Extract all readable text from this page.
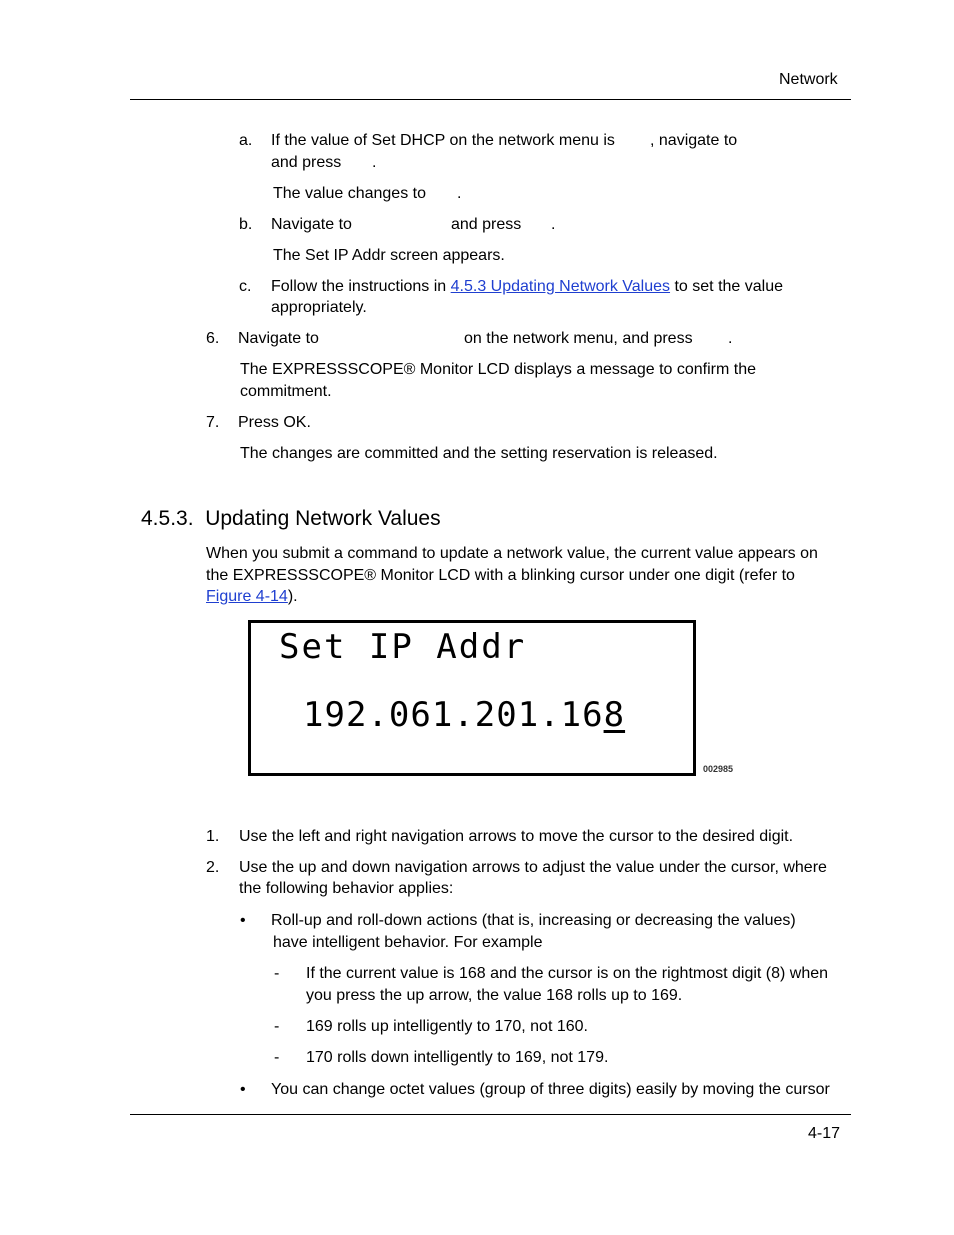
Network
a. If the value of Set DHCP on the network menu is , navigate to
and press .
The value changes to .
b. Navigate to	and press .
The Set IP Addr screen appears.
c. Follow the instructions in 4.5.3 Updating Network Values to set the value
appropriately.
6. Navigate to	on the network menu, and press .
The EXPRESSSCOPE® Monitor LCD displays a message to confirm the
commitment.
7. Press OK.
The changes are committed and the setting reservation is released.
4.5.3.  Updating Network Values
When you submit a command to update a network value, the current value appears on
the EXPRESSSCOPE® Monitor LCD with a blinking cursor under one digit (refer to
Figure 4-14).
Set IP Addr
192.061.201.168
002985
1. Use the left and right navigation arrows to move the cursor to the desired digit.
2. Use the up and down navigation arrows to adjust the value under the cursor, where
the following behavior applies:
• Roll-up and roll-down actions (that is, increasing or decreasing the values)
have intelligent behavior. For example
- If the current value is 168 and the cursor is on the rightmost digit (8) when
you press the up arrow, the value 168 rolls up to 169.
- 169 rolls up intelligently to 170, not 160.
- 170 rolls down intelligently to 169, not 179.
• You can change octet values (group of three digits) easily by moving the cursor
4-17
